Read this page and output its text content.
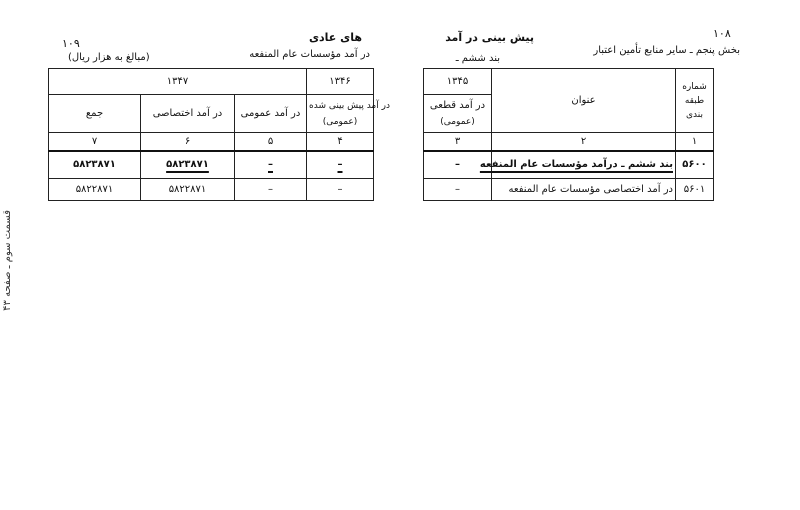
۱۰۸
پیش بینی در آمد
بخش پنجم ـ سایر منابع تأمین اعتبار
بند ششم ـ
۱۰۹	های عادی
در آمد مؤسسات عام المنفعه
(مبالغ به هزار ریال)
۱۳۴۵	عنوان	شماره طبقه بندی

در آمد قطعی
(عمومی)		

۳	۲	۱
–	بند ششم ـ درآمد مؤسسات عام المنفعه	۵۶۰۰
–	در آمد اختصاصی مؤسسات عام المنفعه	۵۶۰۱
۱۳۴۷			۱۳۴۶
جمع	در آمد اختصاصی	در آمد عمومی	در آمد پیش بینی شده
(عمومی)

۷	۶	۵	۴
۵۸۲۳۸۷۱	۵۸۲۳۸۷۱	–	–
۵۸۲۲۸۷۱	۵۸۲۲۸۷۱	–	–
قسمت سوم ـ صفحه ۴۳
